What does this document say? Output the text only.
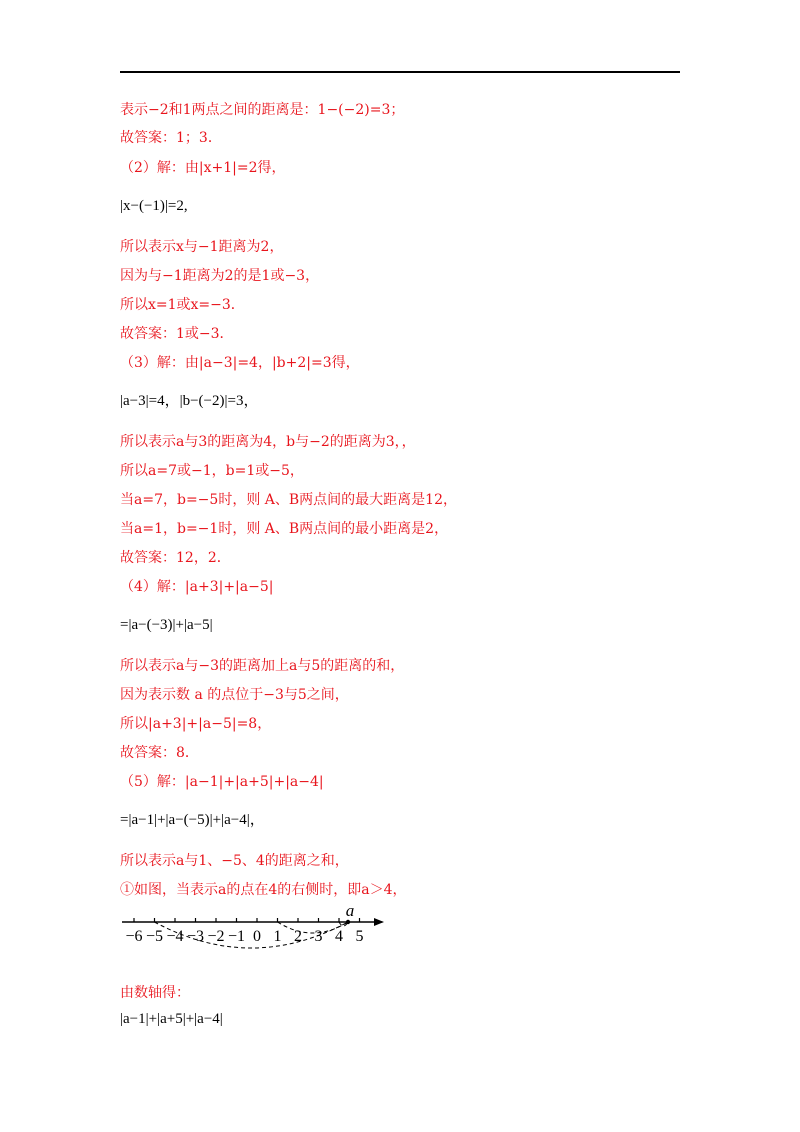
表示−2和1两点之间的距离是：1−(−2)=3；
故答案：1；3．
（2）解：由|x+1|=2得，
|x−(−1)|=2,
所以表示x与−1距离为2，
因为与−1距离为2的是1或−3，
所以x=1或x=−3．
故答案：1或−3．
（3）解：由|a−3|=4，|b+2|=3得，
|a−3|=4，|b−(−2)|=3，
所以表示a与3的距离为4，b与−2的距离为3，，
所以a=7或−1，b=1或−5，
当a=7，b=−5时，则 A、B两点间的最大距离是12，
当a=1，b=−1时，则 A、B两点间的最小距离是2，
故答案：12，2．
（4）解：|a+3|+|a−5|
=|a−(−3)|+|a−5|
所以表示a与−3的距离加上a与5的距离的和，
因为表示数 a 的点位于−3与5之间，
所以|a+3|+|a−5|=8，
故答案：8．
（5）解：|a−1|+|a+5|+|a−4|
=|a−1|+|a−(−5)|+|a−4|，
所以表示a与1、−5、4的距离之和，
①如图，当表示a的点在4的右侧时，即a＞4，
−6 −5 −4 −3 −2 −1 0 1 2 3 4 5
a
由数轴得：
|a−1|+|a+5|+|a−4|
